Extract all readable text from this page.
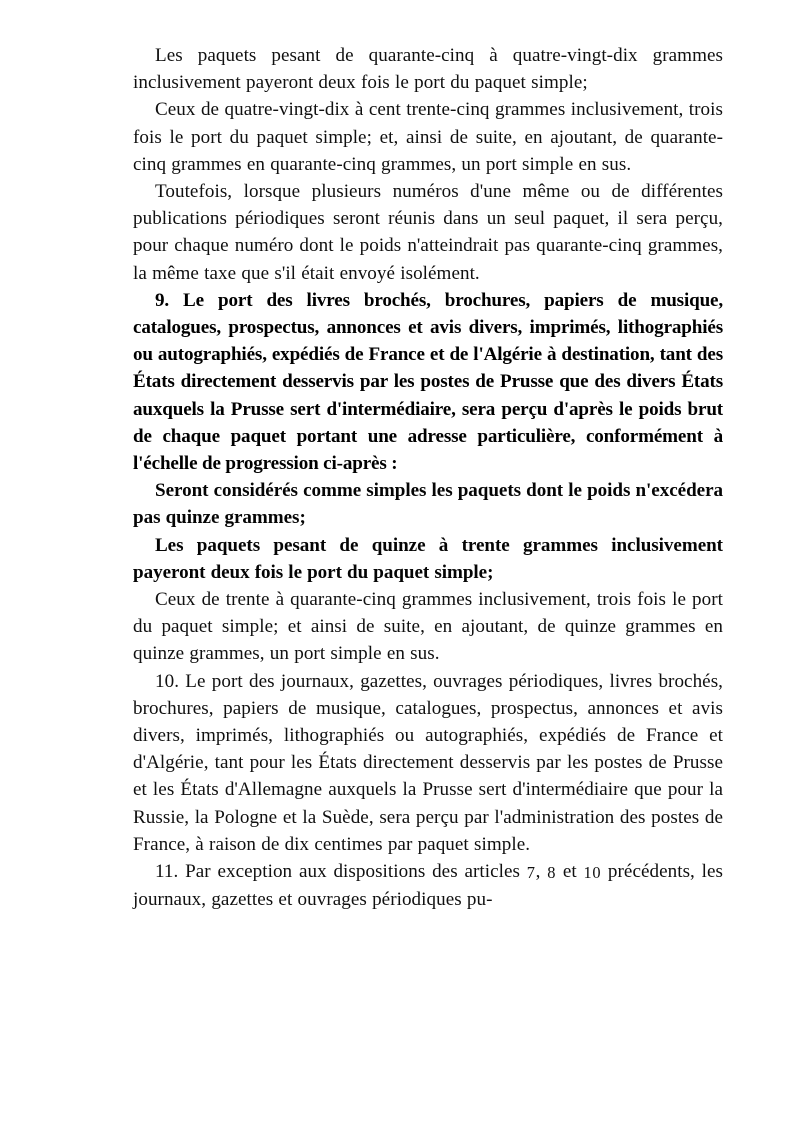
Les paquets pesant de quarante-cinq à quatre-vingt-dix grammes inclusivement payeront deux fois le port du paquet simple;

Ceux de quatre-vingt-dix à cent trente-cinq grammes inclusivement, trois fois le port du paquet simple; et, ainsi de suite, en ajoutant, de quarante-cinq grammes en quarante-cinq grammes, un port simple en sus.

Toutefois, lorsque plusieurs numéros d'une même ou de différentes publications périodiques seront réunis dans un seul paquet, il sera perçu, pour chaque numéro dont le poids n'atteindrait pas quarante-cinq grammes, la même taxe que s'il était envoyé isolément.

9. Le port des livres brochés, brochures, papiers de musique, catalogues, prospectus, annonces et avis divers, imprimés, lithographiés ou autographiés, expédiés de France et de l'Algérie à destination, tant des États directement desservis par les postes de Prusse que des divers États auxquels la Prusse sert d'intermédiaire, sera perçu d'après le poids brut de chaque paquet portant une adresse particulière, conformément à l'échelle de progression ci-après :

Seront considérés comme simples les paquets dont le poids n'excédera pas quinze grammes;

Les paquets pesant de quinze à trente grammes inclusivement payeront deux fois le port du paquet simple;

Ceux de trente à quarante-cinq grammes inclusivement, trois fois le port du paquet simple; et ainsi de suite, en ajoutant, de quinze grammes en quinze grammes, un port simple en sus.

10. Le port des journaux, gazettes, ouvrages périodiques, livres brochés, brochures, papiers de musique, catalogues, prospectus, annonces et avis divers, imprimés, lithographiés ou autographiés, expédiés de France et d'Algérie, tant pour les États directement desservis par les postes de Prusse et les États d'Allemagne auxquels la Prusse sert d'intermédiaire que pour la Russie, la Pologne et la Suède, sera perçu par l'administration des postes de France, à raison de dix centimes par paquet simple.

11. Par exception aux dispositions des articles 7, 8 et 10 précédents, les journaux, gazettes et ouvrages périodiques pu-
